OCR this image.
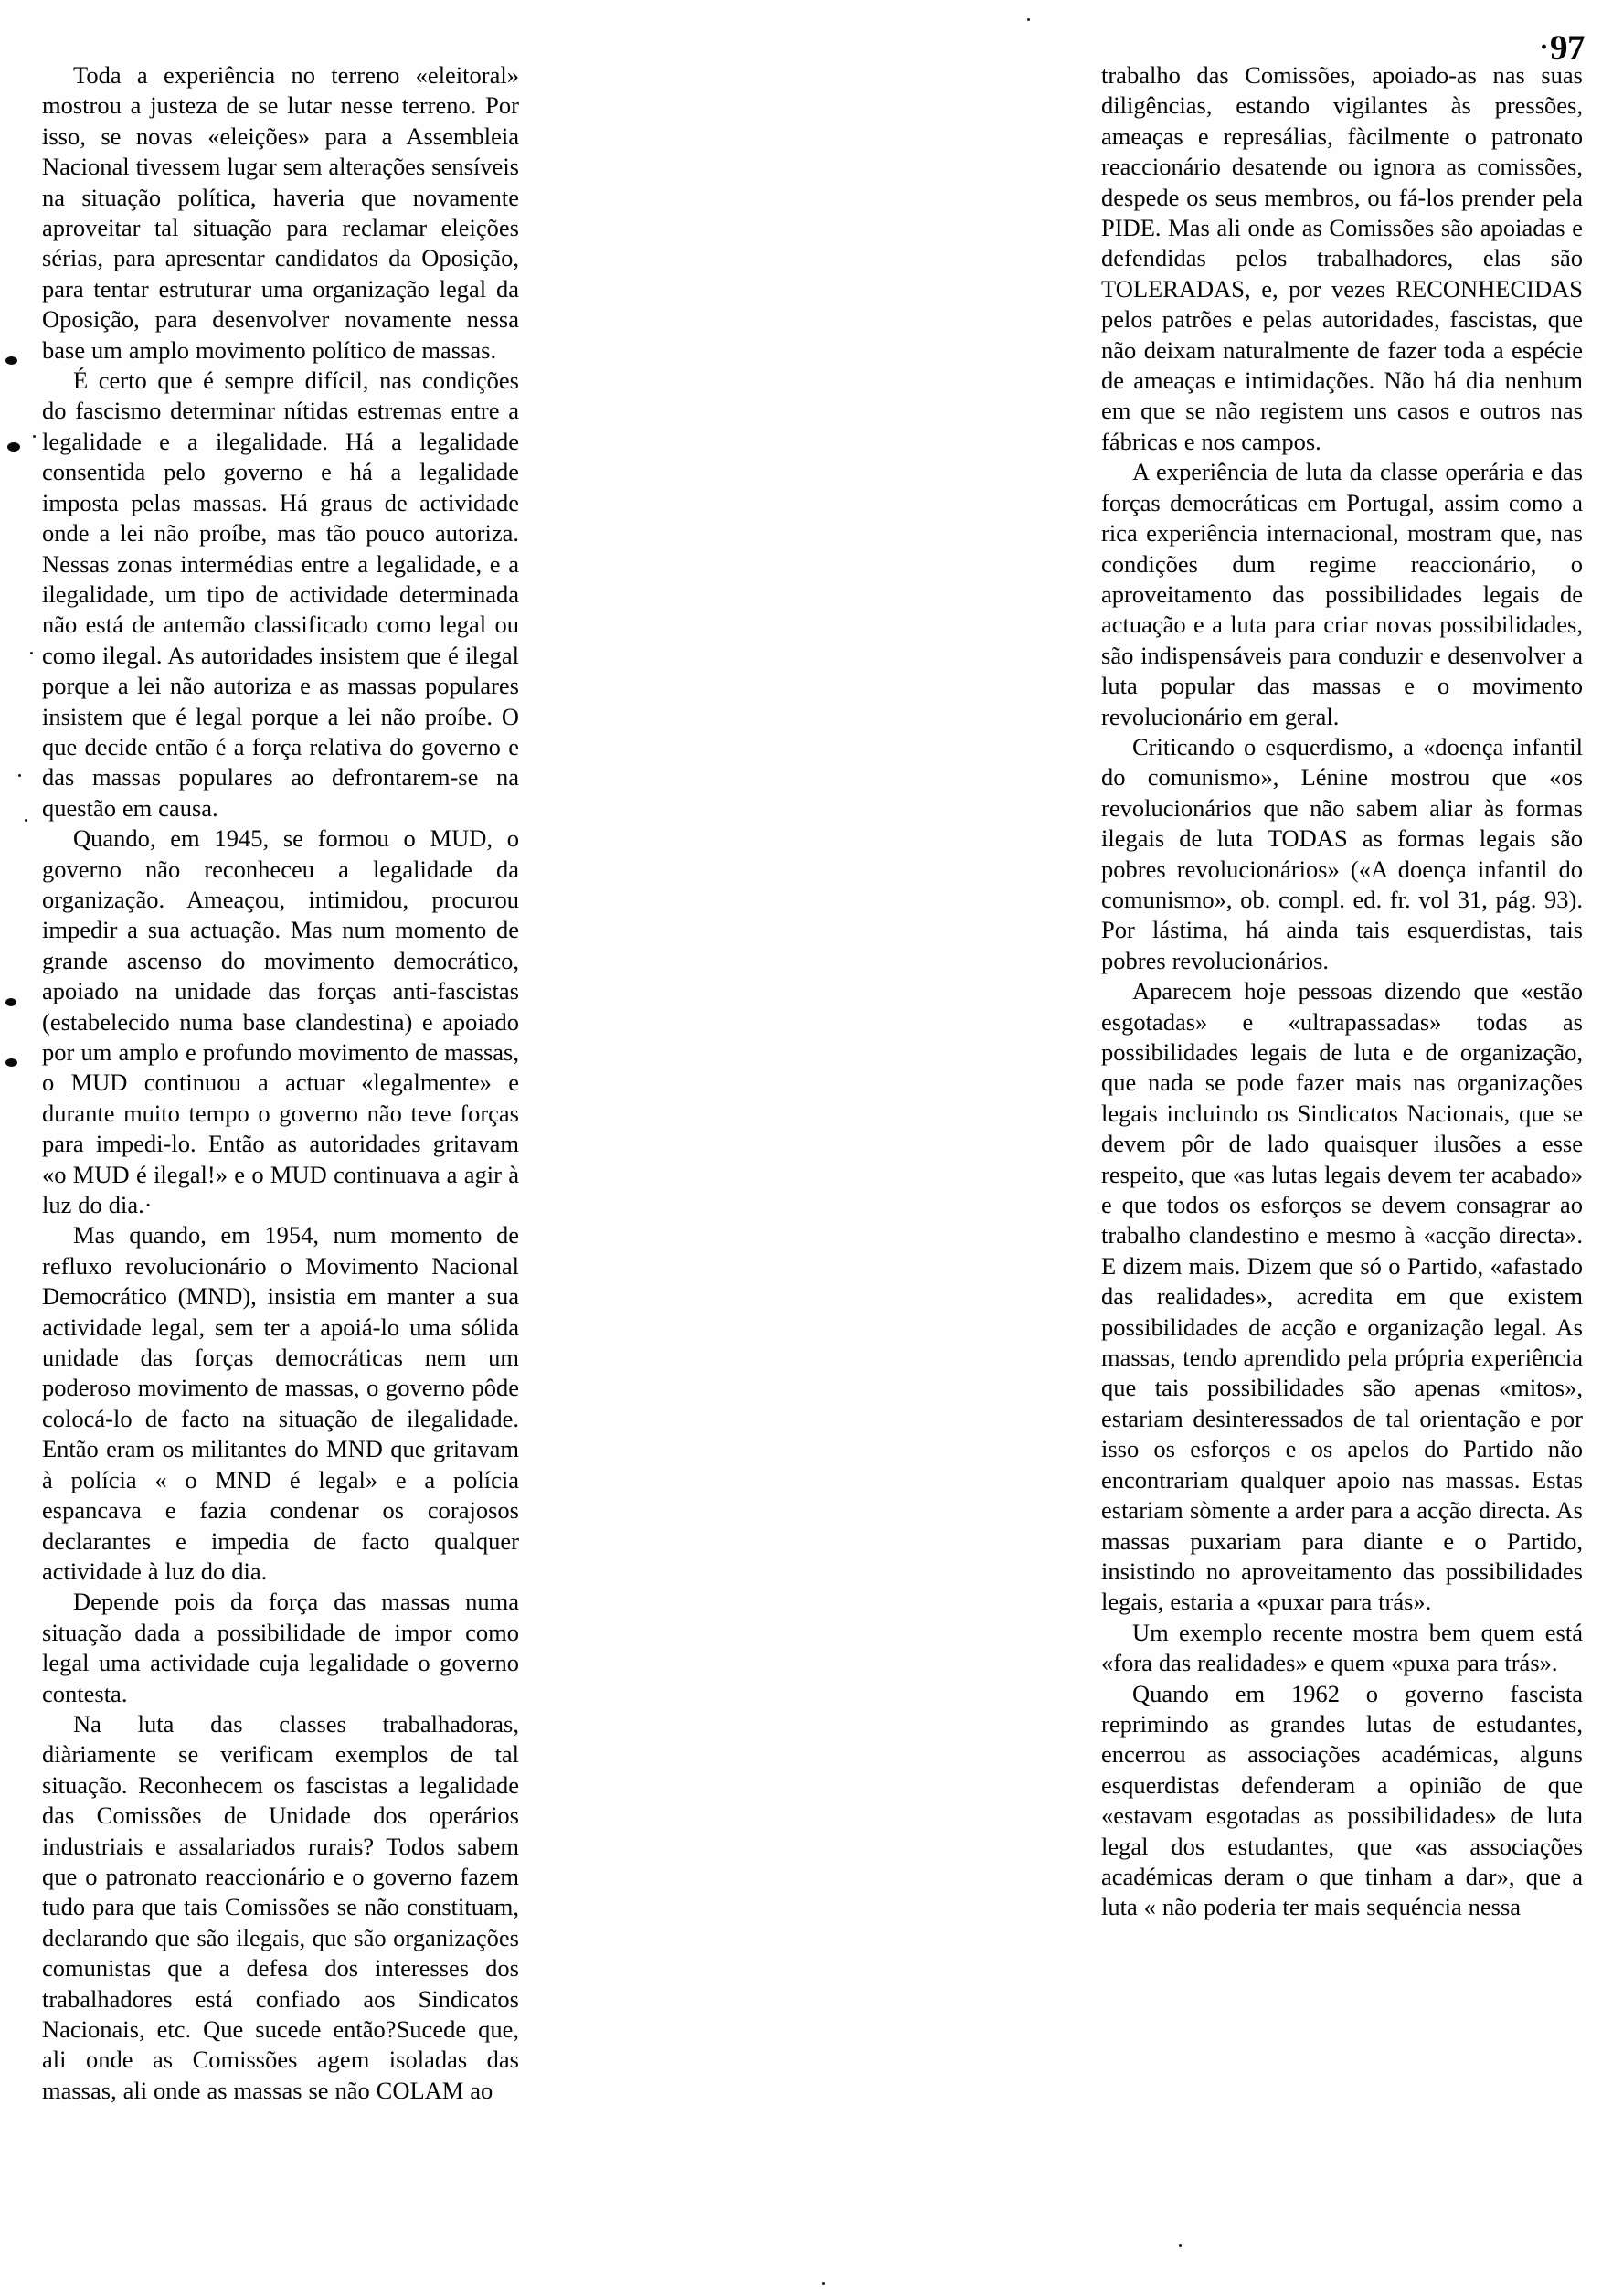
·97

Toda a experiência no terreno «eleitoral» mostrou a justeza de se lutar nesse terreno. Por isso, se novas «eleições» para a Assembleia Nacional tivessem lugar sem alterações sensíveis na situação política, haveria que novamente aproveitar tal situação para reclamar eleições sérias, para apresentar candidatos da Oposição, para tentar estruturar uma organização legal da Oposição, para desenvolver novamente nessa base um amplo movimento político de massas.

É certo que é sempre difícil, nas condições do fascismo determinar nítidas estremas entre a legalidade e a ilegalidade. Há a legalidade consentida pelo governo e há a legalidade imposta pelas massas. Há graus de actividade onde a lei não proíbe, mas tão pouco autoriza. Nessas zonas intermédias entre a legalidade, e a ilegalidade, um tipo de actividade determinada não está de antemão classificado como legal ou como ilegal. As autoridades insistem que é ilegal porque a lei não autoriza e as massas populares insistem que é legal porque a lei não proíbe. O que decide então é a força relativa do governo e das massas populares ao defrontarem-se na questão em causa.

Quando, em 1945, se formou o MUD, o governo não reconheceu a legalidade da organização. Ameaçou, intimidou, procurou impedir a sua actuação. Mas num momento de grande ascenso do movimento democrático, apoiado na unidade das forças anti-fascistas (estabelecido numa base clandestina) e apoiado por um amplo e profundo movimento de massas, o MUD continuou a actuar «legalmente» e durante muito tempo o governo não teve forças para impedi-lo. Então as autoridades gritavam «o MUD é ilegal!» e o MUD continuava a agir à luz do dia.·

Mas quando, em 1954, num momento de refluxo revolucionário o Movimento Nacional Democrático (MND), insistia em manter a sua actividade legal, sem ter a apoiá-lo uma sólida unidade das forças democráticas nem um poderoso movimento de massas, o governo pôde colocá-lo de facto na situação de ilegalidade. Então eram os militantes do MND que gritavam à polícia « o MND é legal» e a polícia espancava e fazia condenar os corajosos declarantes e impedia de facto qualquer actividade à luz do dia.

Depende pois da força das massas numa situação dada a possibilidade de impor como legal uma actividade cuja legalidade o governo contesta.

Na luta das classes trabalhadoras, diàriamente se verificam exemplos de tal situação. Reconhecem os fascistas a legalidade das Comissões de Unidade dos operários industriais e assalariados rurais? Todos sabem que o patronato reaccionário e o governo fazem tudo para que tais Comissões se não constituam, declarando que são ilegais, que são organizações comunistas que a defesa dos interesses dos trabalhadores está confiado aos Sindicatos Nacionais, etc. Que sucede então?Sucede que, ali onde as Comissões agem isoladas das massas, ali onde as massas se não COLAM ao

trabalho das Comissões, apoiado-as nas suas diligências, estando vigilantes às pressões, ameaças e represálias, fàcilmente o patronato reaccionário desatende ou ignora as comissões, despede os seus membros, ou fá-los prender pela PIDE. Mas ali onde as Comissões são apoiadas e defendidas pelos trabalhadores, elas são TOLERADAS, e, por vezes RECONHECIDAS pelos patrões e pelas autoridades, fascistas, que não deixam naturalmente de fazer toda a espécie de ameaças e intimidações. Não há dia nenhum em que se não registem uns casos e outros nas fábricas e nos campos.

A experiência de luta da classe operária e das forças democráticas em Portugal, assim como a rica experiência internacional, mostram que, nas condições dum regime reaccionário, o aproveitamento das possibilidades legais de actuação e a luta para criar novas possibilidades, são indispensáveis para conduzir e desenvolver a luta popular das massas e o movimento revolucionário em geral.

Criticando o esquerdismo, a «doença infantil do comunismo», Lénine mostrou que «os revolucionários que não sabem aliar às formas ilegais de luta TODAS as formas legais são pobres revolucionários» («A doença infantil do comunismo», ob. compl. ed. fr. vol 31, pág. 93). Por lástima, há ainda tais esquerdistas, tais pobres revolucionários.

Aparecem hoje pessoas dizendo que «estão esgotadas» e «ultrapassadas» todas as possibilidades legais de luta e de organização, que nada se pode fazer mais nas organizações legais incluindo os Sindicatos Nacionais, que se devem pôr de lado quaisquer ilusões a esse respeito, que «as lutas legais devem ter acabado» e que todos os esforços se devem consagrar ao trabalho clandestino e mesmo à «acção directa». E dizem mais. Dizem que só o Partido, «afastado das realidades», acredita em que existem possibilidades de acção e organização legal. As massas, tendo aprendido pela própria experiência que tais possibilidades são apenas «mitos», estariam desinteressados de tal orientação e por isso os esforços e os apelos do Partido não encontrariam qualquer apoio nas massas. Estas estariam sòmente a arder para a acção directa. As massas puxariam para diante e o Partido, insistindo no aproveitamento das possibilidades legais, estaria a «puxar para trás».

Um exemplo recente mostra bem quem está «fora das realidades» e quem «puxa para trás».

Quando em 1962 o governo fascista reprimindo as grandes lutas de estudantes, encerrou as associações académicas, alguns esquerdistas defenderam a opinião de que «estavam esgotadas as possibilidades» de luta legal dos estudantes, que «as associações académicas deram o que tinham a dar», que a luta « não poderia ter mais sequéncia nessa
